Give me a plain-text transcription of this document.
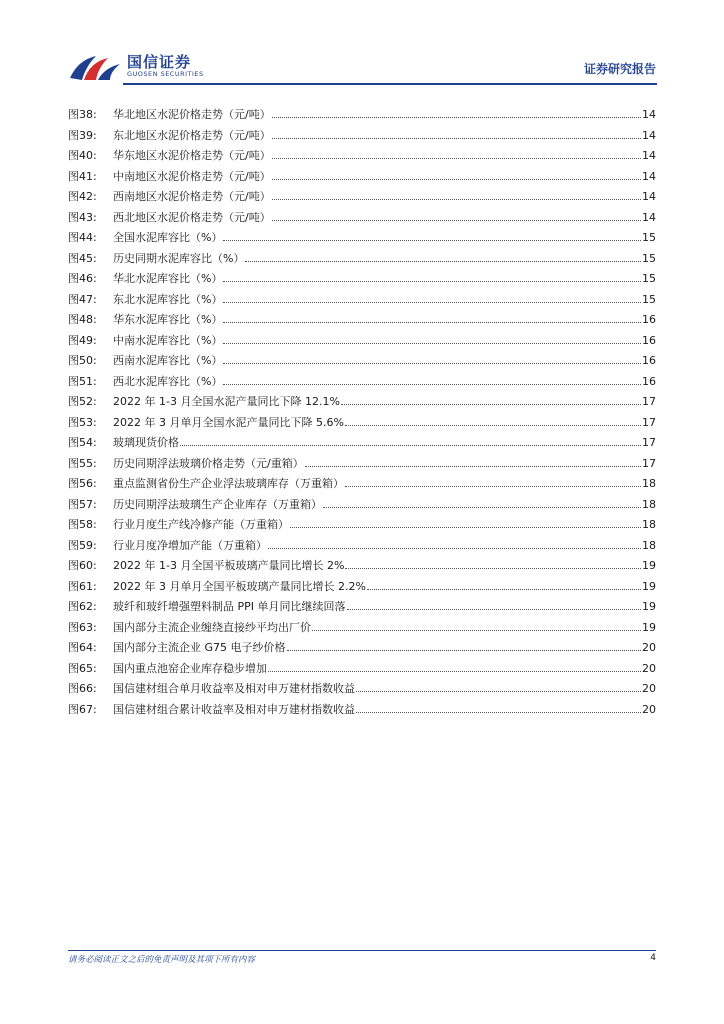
国信证券
GUOSEN SECURITIES	证券研究报告
图38:	华北地区水泥价格走势（元/吨）	14
图39:	东北地区水泥价格走势（元/吨）	14
图40:	华东地区水泥价格走势（元/吨）	14
图41:	中南地区水泥价格走势（元/吨）	14
图42:	西南地区水泥价格走势（元/吨）	14
图43:	西北地区水泥价格走势（元/吨）	14
图44:	全国水泥库容比（%）	15
图45:	历史同期水泥库容比（%）	15
图46:	华北水泥库容比（%）	15
图47:	东北水泥库容比（%）	15
图48:	华东水泥库容比（%）	16
图49:	中南水泥库容比（%）	16
图50:	西南水泥库容比（%）	16
图51:	西北水泥库容比（%）	16
图52:	2022 年 1-3 月全国水泥产量同比下降 12.1%	17
图53:	2022 年 3 月单月全国水泥产量同比下降 5.6%	17
图54:	玻璃现货价格	17
图55:	历史同期浮法玻璃价格走势（元/重箱）	17
图56:	重点监测省份生产企业浮法玻璃库存（万重箱）	18
图57:	历史同期浮法玻璃生产企业库存（万重箱）	18
图58:	行业月度生产线冷修产能（万重箱）	18
图59:	行业月度净增加产能（万重箱）	18
图60:	2022 年 1-3 月全国平板玻璃产量同比增长 2%	19
图61:	2022 年 3 月单月全国平板玻璃产量同比增长 2.2%	19
图62:	玻纤和玻纤增强塑料制品 PPI 单月同比继续回落	19
图63:	国内部分主流企业缠绕直接纱平均出厂价	19
图64:	国内部分主流企业 G75 电子纱价格	20
图65:	国内重点池窑企业库存稳步增加	20
图66:	国信建材组合单月收益率及相对申万建材指数收益	20
图67:	国信建材组合累计收益率及相对申万建材指数收益	20
请务必阅读正文之后的免责声明及其项下所有内容	4
